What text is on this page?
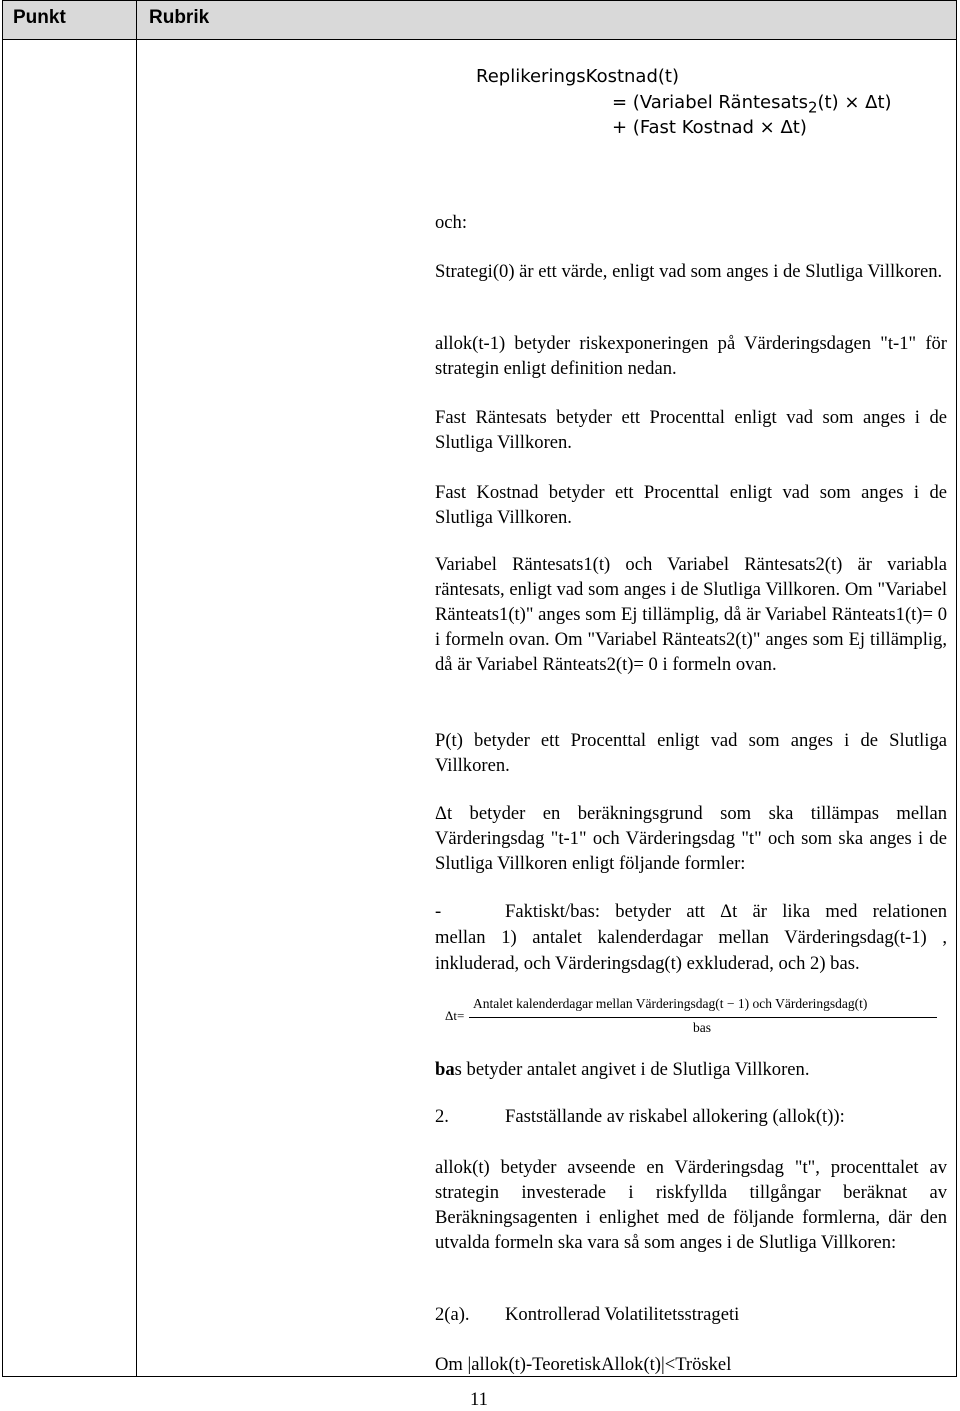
Punkt	Rubrik
ReplikeringsKostnad(t)
= (Variabel Räntesats$_2$(t) × Δt)
+ (Fast Kostnad × Δt)
och:
Strategi(0) är ett värde, enligt vad som anges i de Slutliga Villkoren.
allok(t-1) betyder riskexponeringen på Värderingsdagen "t-1" för strategin enligt definition nedan.
Fast Räntesats betyder ett Procenttal enligt vad som anges i de Slutliga Villkoren.
Fast Kostnad betyder ett Procenttal enligt vad som anges i de Slutliga Villkoren.
Variabel Räntesats1(t) och Variabel Räntesats2(t) är variabla räntesats, enligt vad som anges i de Slutliga Villkoren. Om "Variabel Ränteats1(t)" anges som Ej tillämplig, då är Variabel Ränteats1(t)= 0 i formeln ovan. Om "Variabel Ränteats2(t)" anges som Ej tillämplig, då är Variabel Ränteats2(t)= 0 i formeln ovan.
P(t) betyder ett Procenttal enligt vad som anges i de Slutliga Villkoren.
Δt betyder en beräkningsgrund som ska tillämpas mellan Värderingsdag "t-1" och Värderingsdag "t" och som ska anges i de Slutliga Villkoren enligt följande formler:
-	Faktiskt/bas: betyder att Δt är lika med relationen
mellan 1) antalet kalenderdagar mellan Värderingsdag(t-1) , inkluderad, och Värderingsdag(t) exkluderad, och 2) bas.
Δt=
Antalet kalenderdagar mellan Värderingsdag(t − 1) och Värderingsdag(t)
bas
bas betyder antalet angivet i de Slutliga Villkoren.
2.	Fastställande av riskabel allokering (allok(t)):
allok(t) betyder avseende en Värderingsdag "t", procenttalet av strategin investerade i riskfyllda tillgångar beräknat av Beräkningsagenten i enlighet med de följande formlerna, där den utvalda formeln ska vara så som anges i de Slutliga Villkoren:
2(a). Kontrollerad Volatilitetsstrageti
Om |allok(t)-TeoretiskAllok(t)|<Tröskel
11
